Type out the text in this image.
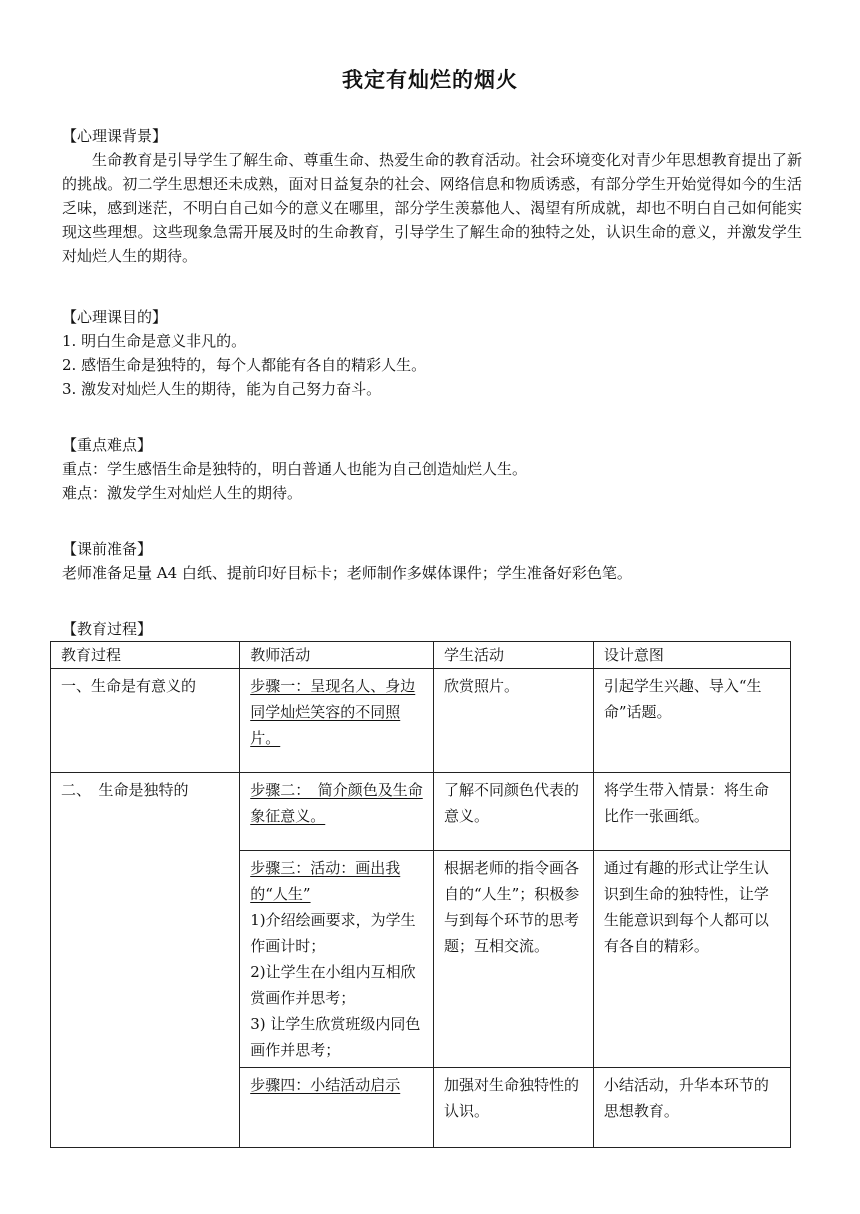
我定有灿烂的烟火
【心理课背景】

生命教育是引导学生了解生命、尊重生命、热爱生命的教育活动。社会环境变化对青少年思想教育提出了新的挑战。初二学生思想还未成熟，面对日益复杂的社会、网络信息和物质诱惑，有部分学生开始觉得如今的生活乏味，感到迷茫，不明白自己如今的意义在哪里，部分学生羡慕他人、渴望有所成就，却也不明白自己如何能实现这些理想。这些现象急需开展及时的生命教育，引导学生了解生命的独特之处，认识生命的意义，并激发学生对灿烂人生的期待。

【心理课目的】
1. 明白生命是意义非凡的。
2. 感悟生命是独特的，每个人都能有各自的精彩人生。
3. 激发对灿烂人生的期待，能为自己努力奋斗。
【重点难点】
重点：学生感悟生命是独特的，明白普通人也能为自己创造灿烂人生。
难点：激发学生对灿烂人生的期待。
【课前准备】
老师准备足量 A4 白纸、提前印好目标卡；老师制作多媒体课件；学生准备好彩色笔。
【教育过程】
教育过程	教师活动	学生活动	设计意图
一、生命是有意义的	步骤一：呈现名人、身边同学灿烂笑容的不同照片。	欣赏照片。	引起学生兴趣、导入“生命”话题。
二、　生命是独特的	步骤二：　简介颜色及生命象征意义。	了解不同颜色代表的意义。	将学生带入情景：将生命比作一张画纸。

	步骤三：活动：画出我的“人生”
1)介绍绘画要求，为学生作画计时；
2)让学生在小组内互相欣赏画作并思考；
3) 让学生欣赏班级内同色画作并思考；	根据老师的指令画各自的“人生”；积极参与到每个环节的思考题；互相交流。	通过有趣的形式让学生认识到生命的独特性，让学生能意识到每个人都可以有各自的精彩。
	步骤四：小结活动启示	加强对生命独特性的认识。	小结活动，升华本环节的思想教育。
